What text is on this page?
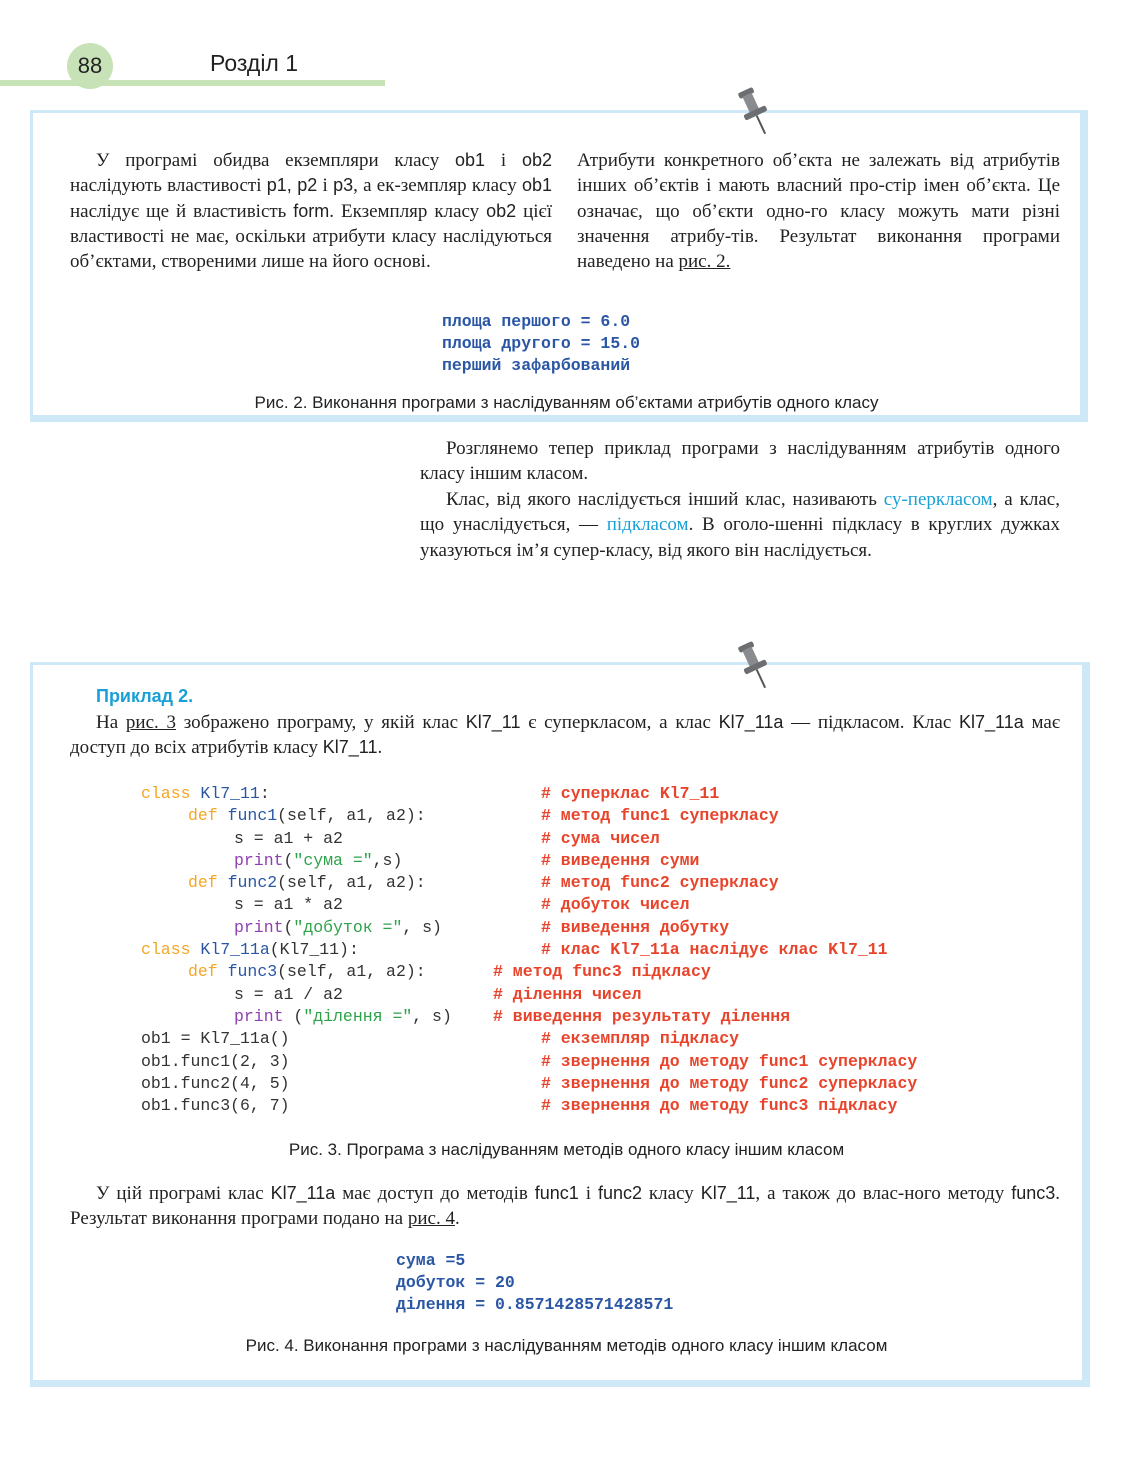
88	Розділ 1

У програмі обидва екземпляри класу ob1 і ob2 наслідують властивості p1, p2 і p3, а ек-земпляр класу ob1 наслідує ще й властивість form. Екземпляр класу ob2 цієї властивості не має, оскільки атрибути класу наслідуються об’єктами, створеними лише на його основі.

Атрибути конкретного об’єкта не залежать від атрибутів інших об’єктів і мають власний про-стір імен об’єкта. Це означає, що об’єкти одно-го класу можуть мати різні значення атрибу-тів. Результат виконання програми наведено на рис. 2.

площа першого = 6.0
площа другого = 15.0
перший зафарбований
Рис. 2. Виконання програми з наслідуванням об’єктами атрибутів одного класу

Розглянемо тепер приклад програми з наслідуванням атрибутів одного класу іншим класом.

Клас, від якого наслідується інший клас, називають су-перкласом, а клас, що унаслідується, — підкласом. В оголо-шенні підкласу в круглих дужках указуються ім’я супер-класу, від якого він наслідується.

Приклад 2.

На рис. 3 зображено програму, у якій клас Kl7_11 є суперкласом, а клас Kl7_11a — підкласом. Клас Kl7_11a має доступ до всіх атрибутів класу Kl7_11.

class Kl7_11:	# суперклас Kl7_11
def func1(self, a1, a2):	# метод func1 суперкласу
s = a1 + a2	# сума чисел
print("сума =",s)	# виведення суми
def func2(self, a1, a2):	# метод func2 суперкласу
s = a1 * a2	# добуток чисел
print("добуток =", s)	# виведення добутку
class Kl7_11a(Kl7_11):	# клас Kl7_11a наслідує клас Kl7_11
def func3(self, a1, a2):	# метод func3 підкласу
s = a1 / a2	# ділення чисел
print ("ділення =", s) # виведення результату ділення
ob1 = Kl7_11a()	# екземпляр підкласу
ob1.func1(2, 3)	# звернення до методу func1 суперкласу
ob1.func2(4, 5)	# звернення до методу func2 суперкласу
ob1.func3(6, 7)	# звернення до методу func3 підкласу
Рис. 3. Програма з наслідуванням методів одного класу іншим класом

У цій програмі клас Kl7_11a має доступ до методів func1 і func2 класу Kl7_11, а також до влас-ного методу func3. Результат виконання програми подано на рис. 4.

сума =5
добуток = 20
ділення = 0.8571428571428571
Рис. 4. Виконання програми з наслідуванням методів одного класу іншим класом
